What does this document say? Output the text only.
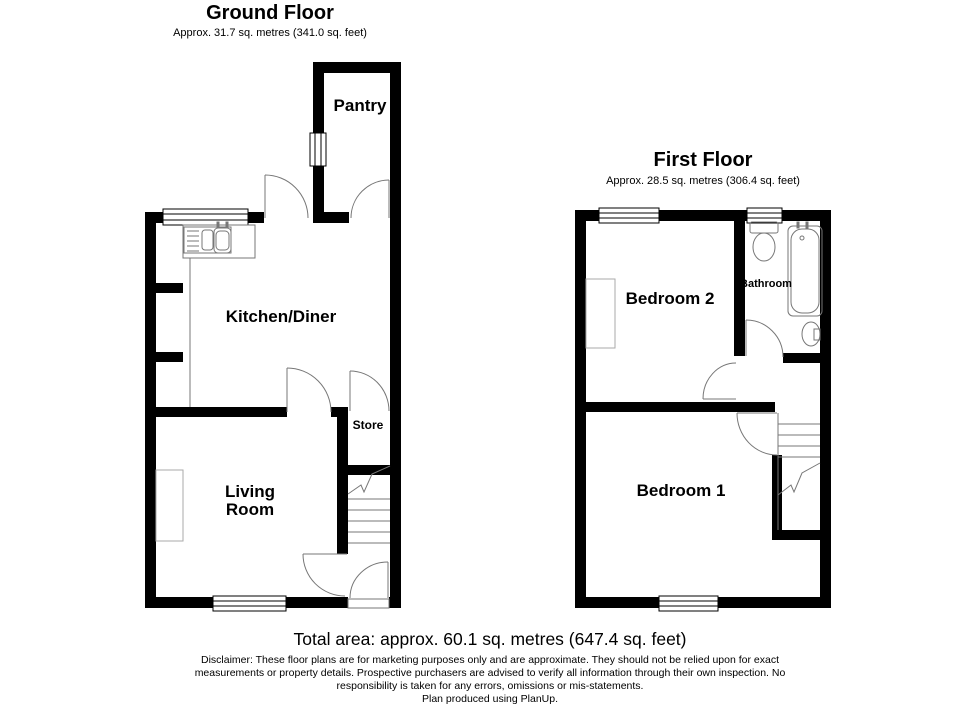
Ground Floor
Approx. 31.7 sq. metres (341.0 sq. feet)
Pantry
Kitchen/Diner
Store
Living Room
First Floor
Approx. 28.5 sq. metres (306.4 sq. feet)
Bedroom 2
Bathroom
Bedroom 1
Total area: approx. 60.1 sq. metres (647.4 sq. feet)
Disclaimer: These floor plans are for marketing purposes only and are approximate. They should not be relied upon for exact
measurements or property details. Prospective purchasers are advised to verify all information through their own inspection. No
responsibility is taken for any errors, omissions or mis-statements.
Plan produced using PlanUp.
